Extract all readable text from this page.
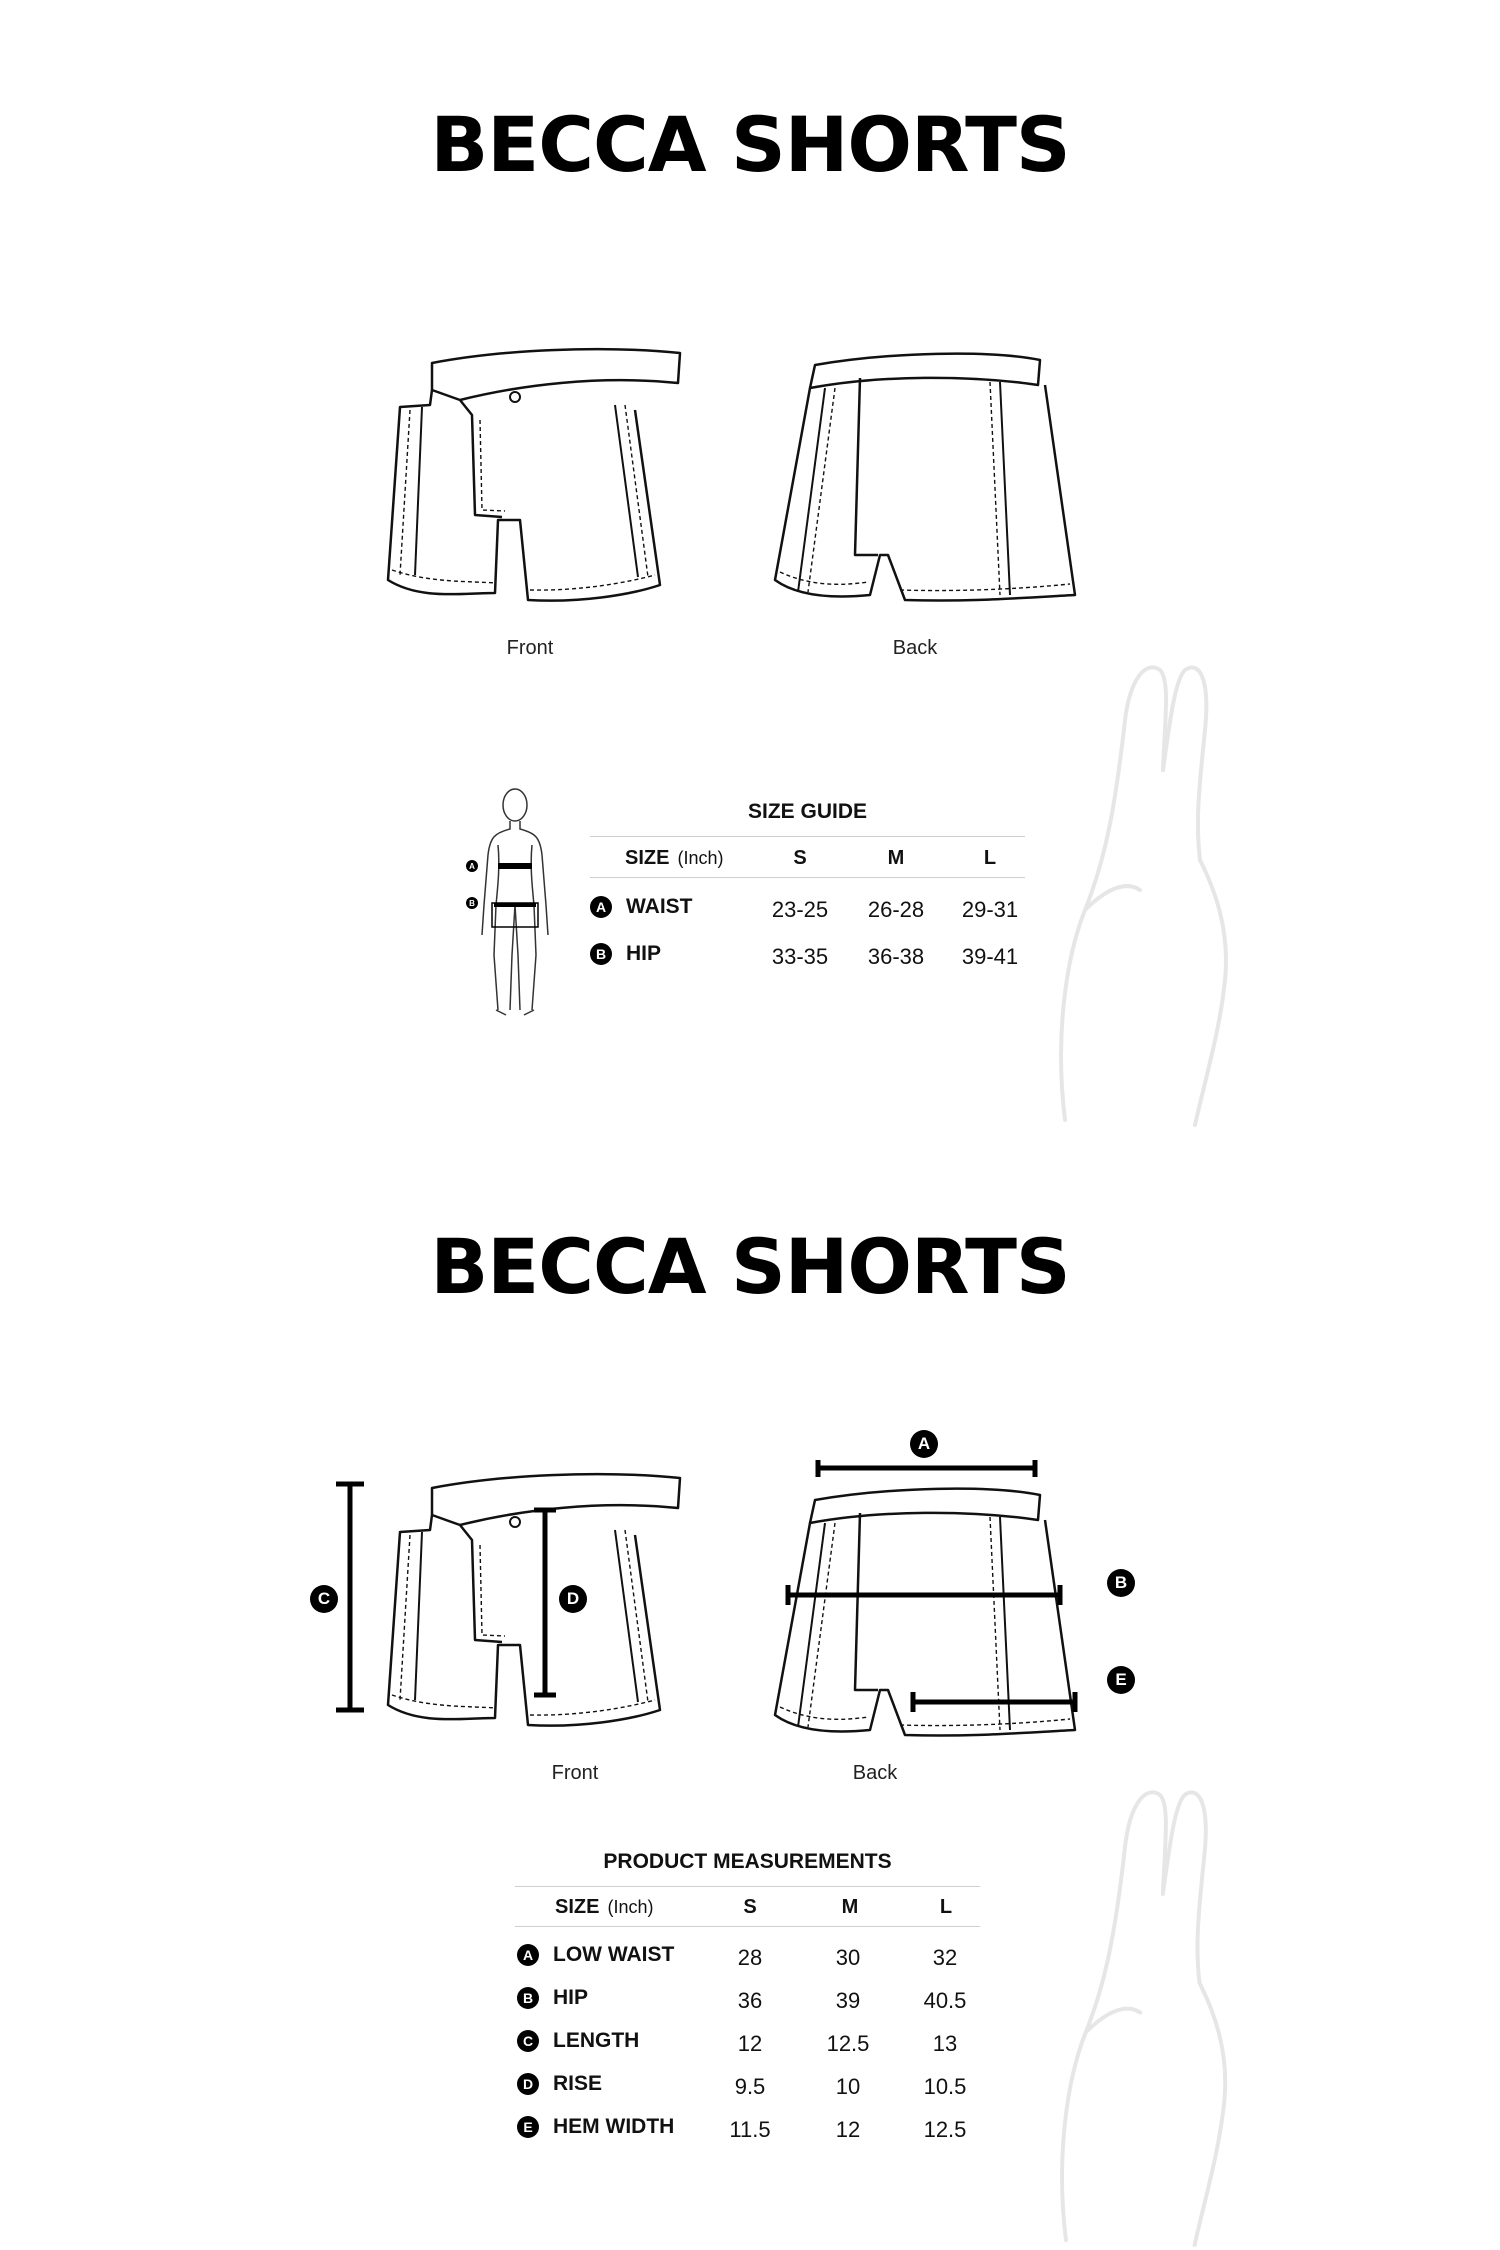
BECCA SHORTS
Front	Back
A
B
SIZE GUIDE
SIZE (Inch)	S	M	L
A WAIST	23-25	26-28	29-31
B HIP	33-35	36-38	39-41
BECCA SHORTS
C	D
A
B
E
Front	Back
PRODUCT MEASUREMENTS
SIZE (Inch)	S	M	L
A LOW WAIST	28	30	32
B HIP	36	39	40.5
C LENGTH	12	12.5	13
D RISE	9.5	10	10.5
E HEM WIDTH	11.5	12	12.5
